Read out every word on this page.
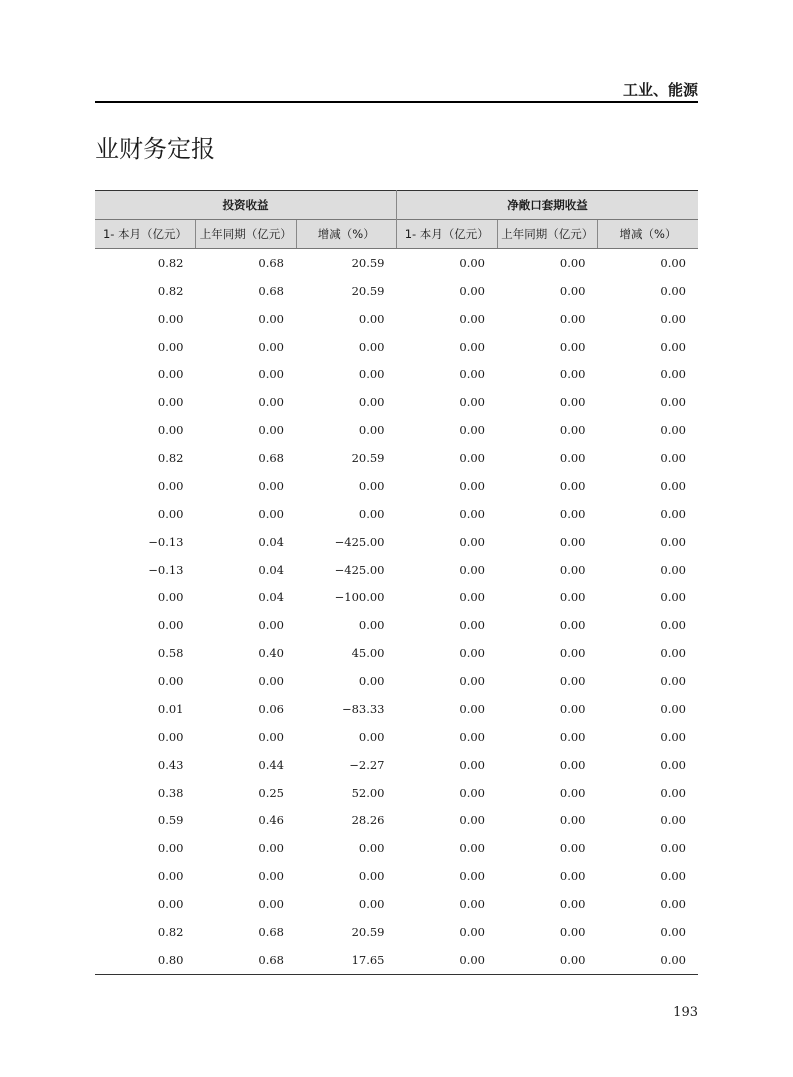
工业、能源
业财务定报
投资收益			净敞口套期收益		
1- 本月（亿元）	上年同期（亿元）	增减（%）	1- 本月（亿元）	上年同期（亿元）	增减（%）
0.82	0.68	20.59	0.00	0.00	0.00
0.82	0.68	20.59	0.00	0.00	0.00
0.00	0.00	0.00	0.00	0.00	0.00
0.00	0.00	0.00	0.00	0.00	0.00
0.00	0.00	0.00	0.00	0.00	0.00
0.00	0.00	0.00	0.00	0.00	0.00
0.00	0.00	0.00	0.00	0.00	0.00
0.82	0.68	20.59	0.00	0.00	0.00
0.00	0.00	0.00	0.00	0.00	0.00
0.00	0.00	0.00	0.00	0.00	0.00
−0.13	0.04	−425.00	0.00	0.00	0.00
−0.13	0.04	−425.00	0.00	0.00	0.00
0.00	0.04	−100.00	0.00	0.00	0.00
0.00	0.00	0.00	0.00	0.00	0.00
0.58	0.40	45.00	0.00	0.00	0.00
0.00	0.00	0.00	0.00	0.00	0.00
0.01	0.06	−83.33	0.00	0.00	0.00
0.00	0.00	0.00	0.00	0.00	0.00
0.43	0.44	−2.27	0.00	0.00	0.00
0.38	0.25	52.00	0.00	0.00	0.00
0.59	0.46	28.26	0.00	0.00	0.00
0.00	0.00	0.00	0.00	0.00	0.00
0.00	0.00	0.00	0.00	0.00	0.00
0.00	0.00	0.00	0.00	0.00	0.00
0.82	0.68	20.59	0.00	0.00	0.00
0.80	0.68	17.65	0.00	0.00	0.00
193
